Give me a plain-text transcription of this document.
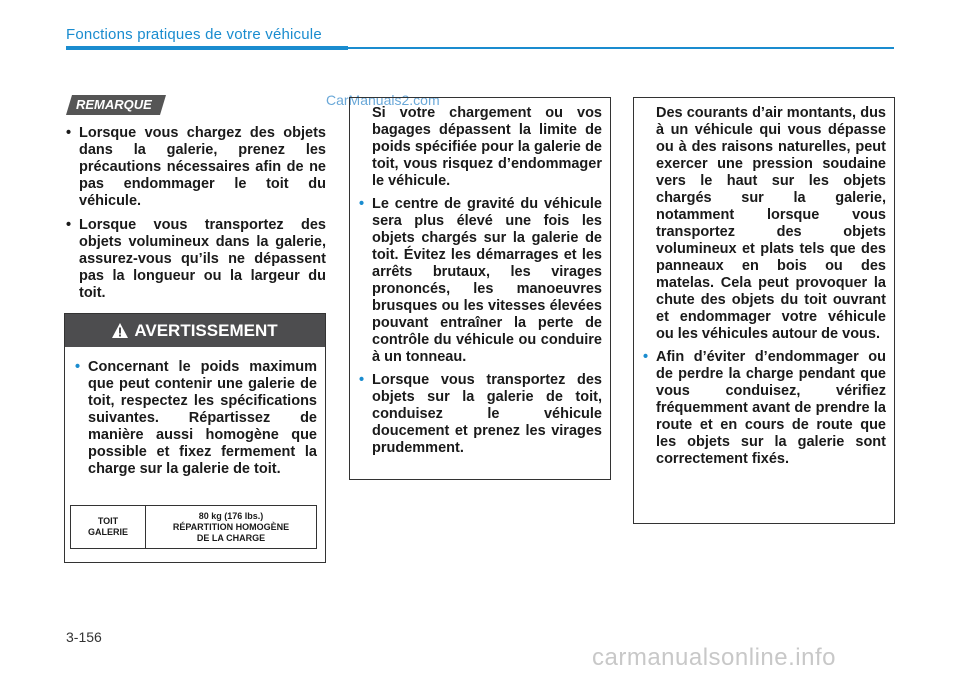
Fonctions pratiques de votre véhicule
REMARQUE	CarManuals2.com

• Lorsque vous chargez des objets dans la galerie, prenez les précautions nécessaires afin de ne pas endommager le toit du véhicule.

• Lorsque vous transportez des objets volumineux dans la galerie, assurez-vous qu’ils ne dépassent pas la longueur ou la largeur du toit.

AVERTISSEMENT

• Concernant le poids maximum que peut contenir une galerie de toit, respectez les spécifications suivantes. Répartissez de manière aussi homogène que possible et fixez fermement la charge sur la galerie de toit.

TOIT
GALERIE
80 kg (176 lbs.)
RÉPARTITION HOMOGÈNE
DE LA CHARGE

Si votre chargement ou vos bagages dépassent la limite de poids spécifiée pour la galerie de toit, vous risquez d’endommager le véhicule.

• Le centre de gravité du véhicule sera plus élevé une fois les objets chargés sur la galerie de toit. Évitez les démarrages et les arrêts brutaux, les virages prononcés, les manoeuvres brusques ou les vitesses élevées pouvant entraîner la perte de contrôle du véhicule ou conduire à un tonneau.

• Lorsque vous transportez des objets sur la galerie de toit, conduisez le véhicule doucement et prenez les virages prudemment.

Des courants d’air montants, dus à un véhicule qui vous dépasse ou à des raisons naturelles, peut exercer une pression soudaine vers le haut sur les objets chargés sur la galerie, notamment lorsque vous transportez des objets volumineux et plats tels que des panneaux en bois ou des matelas. Cela peut provoquer la chute des objets du toit ouvrant et endommager votre véhicule ou les véhicules autour de vous.

• Afin d’éviter d’endommager ou de perdre la charge pendant que vous conduisez, vérifiez fréquemment avant de prendre la route et en cours de route que les objets sur la galerie sont correctement fixés.

3-156
carmanualsonline.info
